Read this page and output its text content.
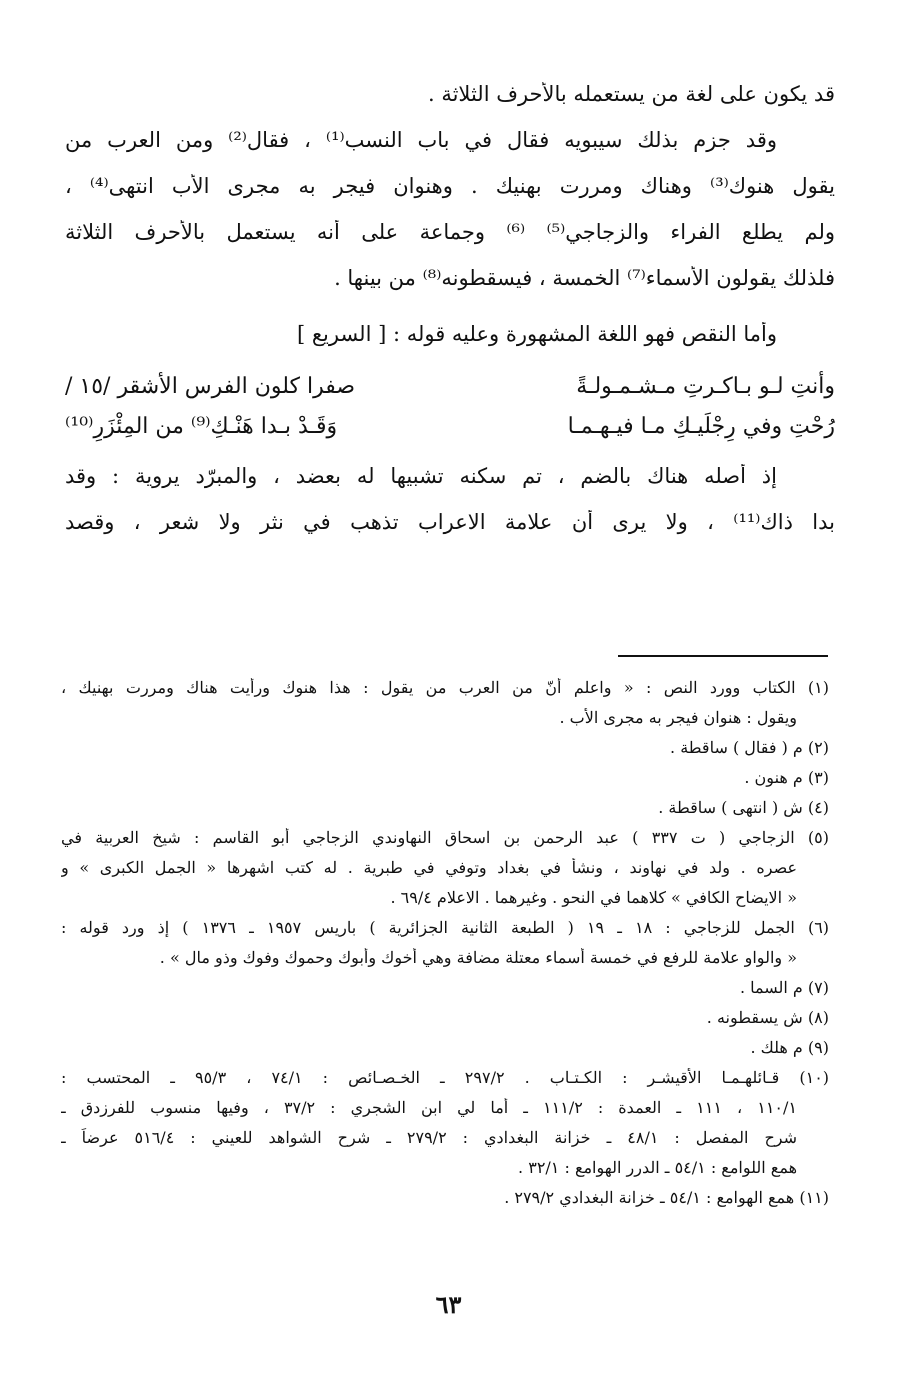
قد يكون على لغة من يستعمله بالأحرف الثلاثة .
وقد جزم بذلك سيبويه فقال في باب النسب⁽¹⁾ ، فقال⁽²⁾ ومن العرب من
يقول هنوك⁽³⁾ وهناك ومررت بهنيك . وهنوان فيجر به مجرى الأب انتهى⁽⁴⁾ ،
ولم يطلع الفراء والزجاجي⁽⁵⁾ ⁽⁶⁾ وجماعة على أنه يستعمل بالأحرف الثلاثة
فلذلك يقولون الأسماء⁽⁷⁾ الخمسة ، فيسقطونه⁽⁸⁾ من بينها .
وأما النقص فهو اللغة المشهورة وعليه قوله : [ السريع ]
وأنتِ لـو بـاكـرتِ مـشـمـولـةً
صفرا كلون الفرس الأشقر /١٥ /
رُحْتِ وفي رِجْلَيـكِ مـا فيـهـمـا
وَقَـدْ بـدا هَنْـكِ⁽⁹⁾ من المِئْزَرِ⁽¹⁰⁾
إذ أصله هناك بالضم ، تم سكنه تشبيها له بعضد ، والمبرّد يروية : وقد
بدا ذاك⁽¹¹⁾ ، ولا يرى أن علامة الاعراب تذهب في نثر ولا شعر ، وقصد
(١) الكتاب وورد النص : « واعلم أنّ من العرب من يقول : هذا هنوك ورأيت هناك ومررت بهنيك ،
ويقول : هنوان فيجر به مجرى الأب .
(٢) م ( فقال ) ساقطة .
(٣) م هنون .
(٤) ش ( انتهى ) ساقطة .
(٥) الزجاجي ( ت ٣٣٧ ) عبد الرحمن بن اسحاق النهاوندي الزجاجي أبو القاسم : شيخ العربية في
عصره . ولد في نهاوند ، ونشأ في بغداد وتوفي في طبرية . له كتب اشهرها « الجمل الكبرى » و
« الايضاح الكافي » كلاهما في النحو . وغيرهما . الاعلام ٦٩/٤ .
(٦) الجمل للزجاجي : ١٨ ـ ١٩ ( الطبعة الثانية الجزائرية ) باريس ١٩٥٧ ـ ١٣٧٦ ) إذ ورد قوله :
« والواو علامة للرفع في خمسة أسماء معتلة مضافة وهي أخوك وأبوك وحموك وفوك وذو مال » .
(٧) م السما .
(٨) ش يسقطونه .
(٩) م هلك .
(١٠) قـائلهـمـا الأقيشـر : الكـتـاب . ٢٩٧/٢ ـ الخـصـائص : ٧٤/١ ، ٩٥/٣ ـ المحتسب :
١١٠/١ ، ١١١ ـ العمدة : ١١١/٢ ـ أما لي ابن الشجري : ٣٧/٢ ، وفيها منسوب للفرزدق ـ
شرح المفصل : ٤٨/١ ـ خزانة البغدادي : ٢٧٩/٢ ـ شرح الشواهد للعيني : ٥١٦/٤ عرضاً ـ
همع اللوامع : ٥٤/١ ـ الدرر الهوامع : ٣٢/١ .
(١١) همع الهوامع : ٥٤/١ ـ خزانة البغدادي ٢٧٩/٢ .
٦٣
